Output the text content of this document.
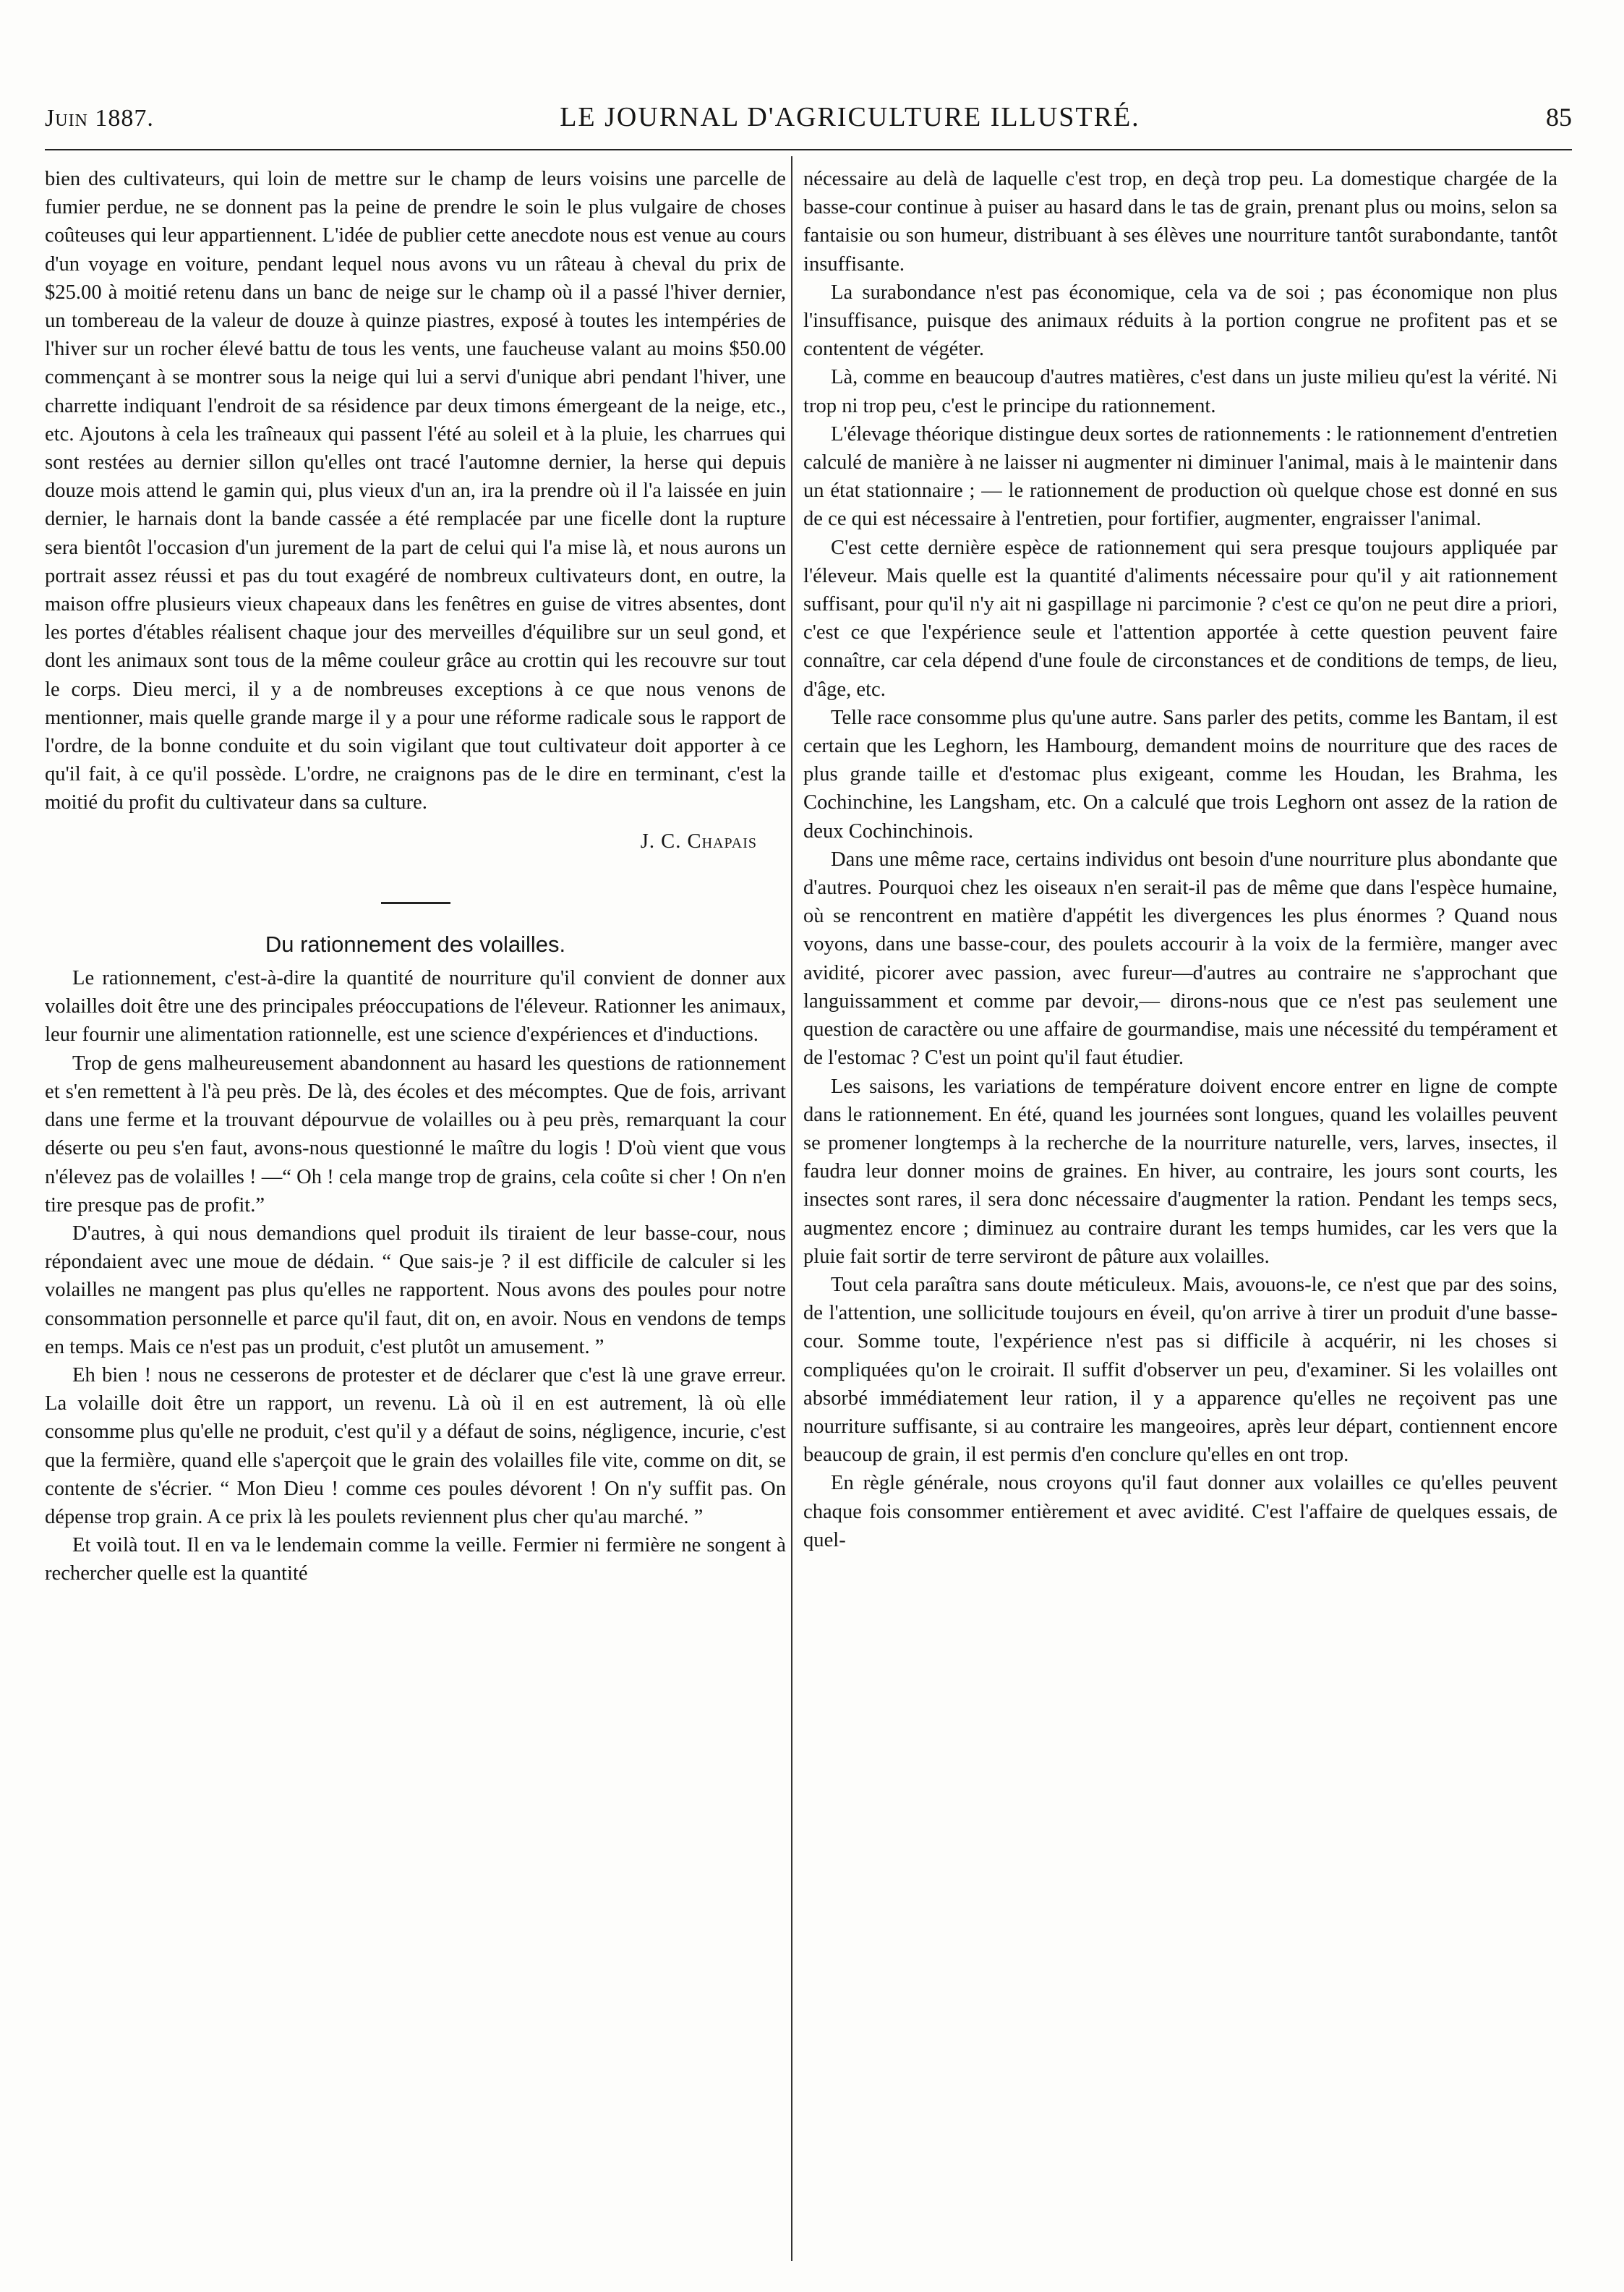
Juin 1887.	LE JOURNAL D'AGRICULTURE ILLUSTRÉ.	85

bien des cultivateurs, qui loin de mettre sur le champ de leurs voisins une parcelle de fumier perdue, ne se donnent pas la peine de prendre le soin le plus vulgaire de choses coûteuses qui leur appartiennent. L'idée de publier cette anecdote nous est venue au cours d'un voyage en voiture, pendant lequel nous avons vu un râteau à cheval du prix de $25.00 à moitié retenu dans un banc de neige sur le champ où il a passé l'hiver dernier, un tombereau de la valeur de douze à quinze piastres, exposé à toutes les intempéries de l'hiver sur un rocher élevé battu de tous les vents, une faucheuse valant au moins $50.00 commençant à se montrer sous la neige qui lui a servi d'unique abri pendant l'hiver, une charrette indiquant l'endroit de sa résidence par deux timons émergeant de la neige, etc., etc. Ajoutons à cela les traîneaux qui passent l'été au soleil et à la pluie, les charrues qui sont restées au dernier sillon qu'elles ont tracé l'automne dernier, la herse qui depuis douze mois attend le gamin qui, plus vieux d'un an, ira la prendre où il l'a laissée en juin dernier, le harnais dont la bande cassée a été remplacée par une ficelle dont la rupture sera bientôt l'occasion d'un jurement de la part de celui qui l'a mise là, et nous aurons un portrait assez réussi et pas du tout exagéré de nombreux cultivateurs dont, en outre, la maison offre plusieurs vieux chapeaux dans les fenêtres en guise de vitres absentes, dont les portes d'étables réalisent chaque jour des merveilles d'équilibre sur un seul gond, et dont les animaux sont tous de la même couleur grâce au crottin qui les recouvre sur tout le corps. Dieu merci, il y a de nombreuses exceptions à ce que nous venons de mentionner, mais quelle grande marge il y a pour une réforme radicale sous le rapport de l'ordre, de la bonne conduite et du soin vigilant que tout cultivateur doit apporter à ce qu'il fait, à ce qu'il possède. L'ordre, ne craignons pas de le dire en terminant, c'est la moitié du profit du cultivateur dans sa culture.

J. C. Chapais

Du rationnement des volailles.

Le rationnement, c'est-à-dire la quantité de nourriture qu'il convient de donner aux volailles doit être une des principales préoccupations de l'éleveur. Rationner les animaux, leur fournir une alimentation rationnelle, est une science d'expériences et d'inductions.

Trop de gens malheureusement abandonnent au hasard les questions de rationnement et s'en remettent à l'à peu près. De là, des écoles et des mécomptes. Que de fois, arrivant dans une ferme et la trouvant dépourvue de volailles ou à peu près, remarquant la cour déserte ou peu s'en faut, avons-nous questionné le maître du logis ! D'où vient que vous n'élevez pas de volailles ! —“ Oh ! cela mange trop de grains, cela coûte si cher ! On n'en tire presque pas de profit.”

D'autres, à qui nous demandions quel produit ils tiraient de leur basse-cour, nous répondaient avec une moue de dédain. “ Que sais-je ? il est difficile de calculer si les volailles ne mangent pas plus qu'elles ne rapportent. Nous avons des poules pour notre consommation personnelle et parce qu'il faut, dit on, en avoir. Nous en vendons de temps en temps. Mais ce n'est pas un produit, c'est plutôt un amusement. ”

Eh bien ! nous ne cesserons de protester et de déclarer que c'est là une grave erreur. La volaille doit être un rapport, un revenu. Là où il en est autrement, là où elle consomme plus qu'elle ne produit, c'est qu'il y a défaut de soins, négligence, incurie, c'est que la fermière, quand elle s'aperçoit que le grain des volailles file vite, comme on dit, se contente de s'écrier. “ Mon Dieu ! comme ces poules dévorent ! On n'y suffit pas. On dépense trop grain. A ce prix là les poulets reviennent plus cher qu'au marché. ”

Et voilà tout. Il en va le lendemain comme la veille. Fermier ni fermière ne songent à rechercher quelle est la quantité

nécessaire au delà de laquelle c'est trop, en deçà trop peu. La domestique chargée de la basse-cour continue à puiser au hasard dans le tas de grain, prenant plus ou moins, selon sa fantaisie ou son humeur, distribuant à ses élèves une nourriture tantôt surabondante, tantôt insuffisante.

La surabondance n'est pas économique, cela va de soi ; pas économique non plus l'insuffisance, puisque des animaux réduits à la portion congrue ne profitent pas et se contentent de végéter.

Là, comme en beaucoup d'autres matières, c'est dans un juste milieu qu'est la vérité. Ni trop ni trop peu, c'est le principe du rationnement.

L'élevage théorique distingue deux sortes de rationnements : le rationnement d'entretien calculé de manière à ne laisser ni augmenter ni diminuer l'animal, mais à le maintenir dans un état stationnaire ; — le rationnement de production où quelque chose est donné en sus de ce qui est nécessaire à l'entretien, pour fortifier, augmenter, engraisser l'animal.

C'est cette dernière espèce de rationnement qui sera presque toujours appliquée par l'éleveur. Mais quelle est la quantité d'aliments nécessaire pour qu'il y ait rationnement suffisant, pour qu'il n'y ait ni gaspillage ni parcimonie ? c'est ce qu'on ne peut dire a priori, c'est ce que l'expérience seule et l'attention apportée à cette question peuvent faire connaître, car cela dépend d'une foule de circonstances et de conditions de temps, de lieu, d'âge, etc.

Telle race consomme plus qu'une autre. Sans parler des petits, comme les Bantam, il est certain que les Leghorn, les Hambourg, demandent moins de nourriture que des races de plus grande taille et d'estomac plus exigeant, comme les Houdan, les Brahma, les Cochinchine, les Langsham, etc. On a calculé que trois Leghorn ont assez de la ration de deux Cochinchinois.

Dans une même race, certains individus ont besoin d'une nourriture plus abondante que d'autres. Pourquoi chez les oiseaux n'en serait-il pas de même que dans l'espèce humaine, où se rencontrent en matière d'appétit les divergences les plus énormes ? Quand nous voyons, dans une basse-cour, des poulets accourir à la voix de la fermière, manger avec avidité, picorer avec passion, avec fureur—d'autres au contraire ne s'approchant que languissamment et comme par devoir,— dirons-nous que ce n'est pas seulement une question de caractère ou une affaire de gourmandise, mais une nécessité du tempérament et de l'estomac ? C'est un point qu'il faut étudier.

Les saisons, les variations de température doivent encore entrer en ligne de compte dans le rationnement. En été, quand les journées sont longues, quand les volailles peuvent se promener longtemps à la recherche de la nourriture naturelle, vers, larves, insectes, il faudra leur donner moins de graines. En hiver, au contraire, les jours sont courts, les insectes sont rares, il sera donc nécessaire d'augmenter la ration. Pendant les temps secs, augmentez encore ; diminuez au contraire durant les temps humides, car les vers que la pluie fait sortir de terre serviront de pâture aux volailles.

Tout cela paraîtra sans doute méticuleux. Mais, avouons-le, ce n'est que par des soins, de l'attention, une sollicitude toujours en éveil, qu'on arrive à tirer un produit d'une basse-cour. Somme toute, l'expérience n'est pas si difficile à acquérir, ni les choses si compliquées qu'on le croirait. Il suffit d'observer un peu, d'examiner. Si les volailles ont absorbé immédiatement leur ration, il y a apparence qu'elles ne reçoivent pas une nourriture suffisante, si au contraire les mangeoires, après leur départ, contiennent encore beaucoup de grain, il est permis d'en conclure qu'elles en ont trop.

En règle générale, nous croyons qu'il faut donner aux volailles ce qu'elles peuvent chaque fois consommer entièrement et avec avidité. C'est l'affaire de quelques essais, de quel-
